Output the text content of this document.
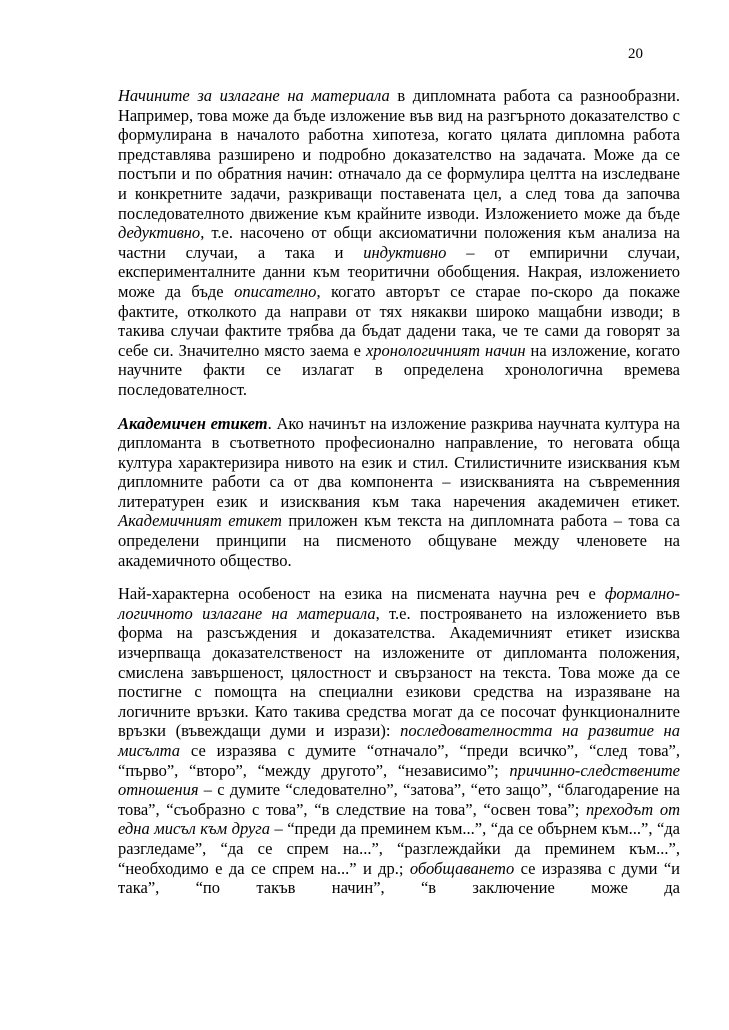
20

Начините за излагане на материала в дипломната работа са разнообразни. Например, това може да бъде изложение във вид на разгърното доказателство с формулирана в началото работна хипотеза, когато цялата дипломна работа представлява разширено и подробно доказателство на задачата. Може да се постъпи и по обратния начин: отначало да се формулира целтта на изследване и конкретните задачи, разкриващи поставената цел, а след това да започва последователното движение към крайните изводи. Изложението може да бъде дедуктивно, т.е. насочено от общи аксиоматични положения към анализа на частни случаи, а така и индуктивно – от емпирични случаи, експерименталните данни към теоритични обобщения. Накрая, изложението може да бъде описателно, когато авторът се старае по-скоро да покаже фактите, отколкото да направи от тях някакви широко мащабни изводи; в такива случаи фактите трябва да бъдат дадени така, че те сами да говорят за себе си. Значително място заема е хронологичният начин на изложение, когато научните факти се излагат в определена хронологична времева последователност.

Академичен етикет. Ако начинът на изложение разкрива научната култура на дипломанта в съответното професионално направление, то неговата обща култура характеризира нивото на език и стил. Стилистичните изисквания към дипломните работи са от два компонента – изискванията на съвременния литературен език и изисквания към така наречения академичен етикет. Академичният етикет приложен към текста на дипломната работа – това са определени принципи на писменото общуване между членовете на академичното общество.

Най-характерна особеност на езика на писмената научна реч е формално-логичното излагане на материала, т.е. построяването на изложението във форма на разсъждения и доказателства. Академичният етикет изисква изчерпваща доказателственост на изложените от дипломанта положения, смислена завършеност, цялостност и свързаност на текста. Това може да се постигне с помощта на специални езикови средства на изразяване на логичните връзки. Като такива средства могат да се посочат функционалните връзки (въвеждащи думи и изрази): последователността на развитие на мисълта се изразява с думите “отначало”, “преди всичко”, “след това”, “първо”, “второ”, “между другото”, “независимо”; причинно-следствените отношения – с думите “следователно”, “затова”, “ето защо”, “благодарение на това”, “съобразно с това”, “в следствие на това”, “освен това”; преходът от една мисъл към друга – “преди да преминем към...”, “да се обърнем към...”, “да разгледаме”, “да се спрем на...”, “разглеждайки да преминем към...”, “необходимо е да се спрем на...” и др.; обобщаването се изразява с думи “и така”, “по такъв начин”, “в заключение може да
